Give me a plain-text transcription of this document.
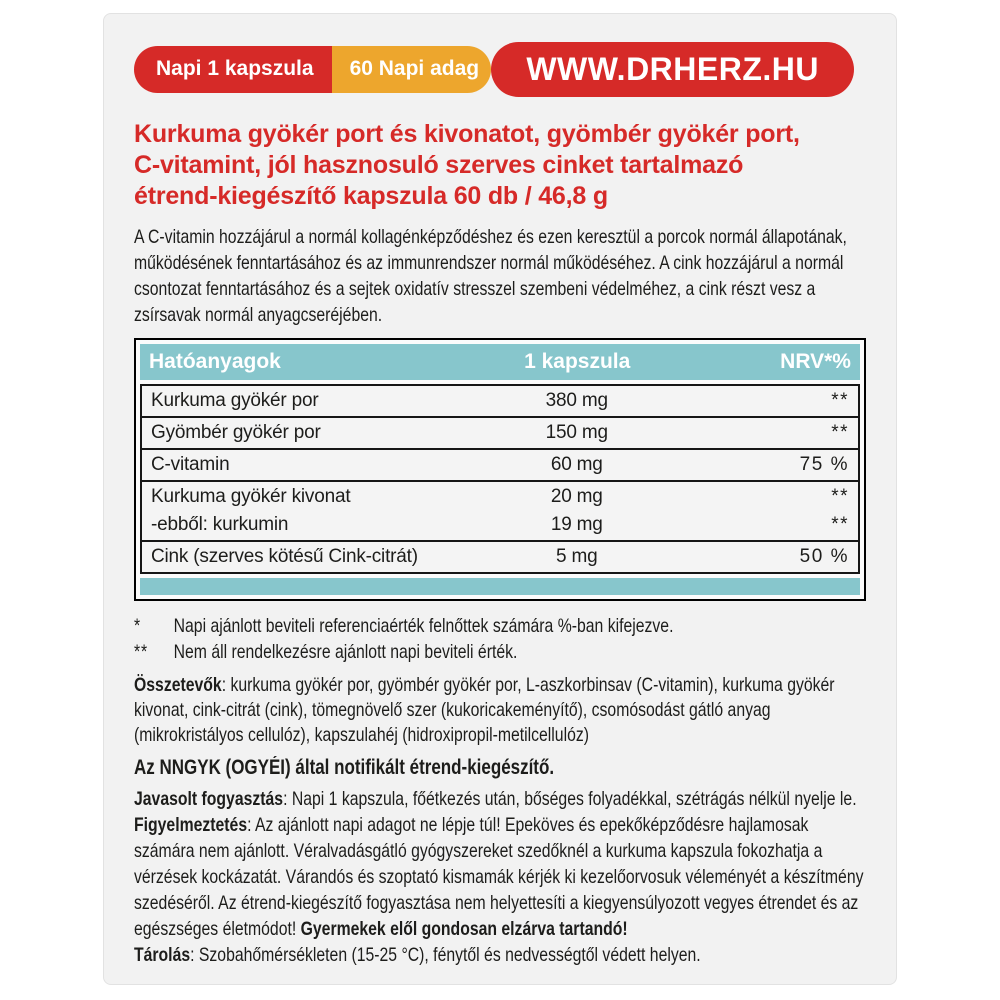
Napi 1 kapszula	60 Napi adag	WWW.DRHERZ.HU
Kurkuma gyökér port és kivonatot, gyömbér gyökér port,
C-vitamint, jól hasznosuló szerves cinket tartalmazó
étrend-kiegészítő kapszula 60 db / 46,8 g

A C-vitamin hozzájárul a normál kollagénképződéshez és ezen keresztül a porcok normál állapotának, működésének fenntartásához és az immunrendszer normál működéséhez. A cink hozzájárul a normál csontozat fenntartásához és a sejtek oxidatív stresszel szembeni védelméhez, a cink részt vesz a zsírsavak normál anyagcseréjében.

Hatóanyagok	1 kapszula	NRV*%
Kurkuma gyökér por	380 mg	**
Gyömbér gyökér por	150 mg	**
C-vitamin	60 mg	75 %
Kurkuma gyökér kivonat	20 mg	**
-ebből: kurkumin	19 mg	**
Cink (szerves kötésű Cink-citrát)	5 mg	50 %
*	Napi ajánlott beviteli referenciaérték felnőttek számára %-ban kifejezve.
**	Nem áll rendelkezésre ajánlott napi beviteli érték.

Összetevők: kurkuma gyökér por, gyömbér gyökér por, L-aszkorbinsav (C-vitamin), kurkuma gyökér kivonat, cink-citrát (cink), tömegnövelő szer (kukoricakeményítő), csomósodást gátló anyag (mikrokristályos cellulóz), kapszulahéj (hidroxipropil-metilcellulóz)

Az NNGYK (OGYÉI) által notifikált étrend-kiegészítő.

Javasolt fogyasztás: Napi 1 kapszula, főétkezés után, bőséges folyadékkal, szétrágás nélkül nyelje le. Figyelmeztetés: Az ajánlott napi adagot ne lépje túl! Epeköves és epekőképződésre hajlamosak számára nem ajánlott. Véralvadásgátló gyógyszereket szedőknél a kurkuma kapszula fokozhatja a vérzések kockázatát. Várandós és szoptató kismamák kérjék ki kezelőorvosuk véleményét a készítmény szedéséről. Az étrend-kiegészítő fogyasztása nem helyettesíti a kiegyensúlyozott vegyes étrendet és az egészséges életmódot! Gyermekek elől gondosan elzárva tartandó!

Tárolás: Szobahőmérsékleten (15-25 °C), fénytől és nedvességtől védett helyen.
